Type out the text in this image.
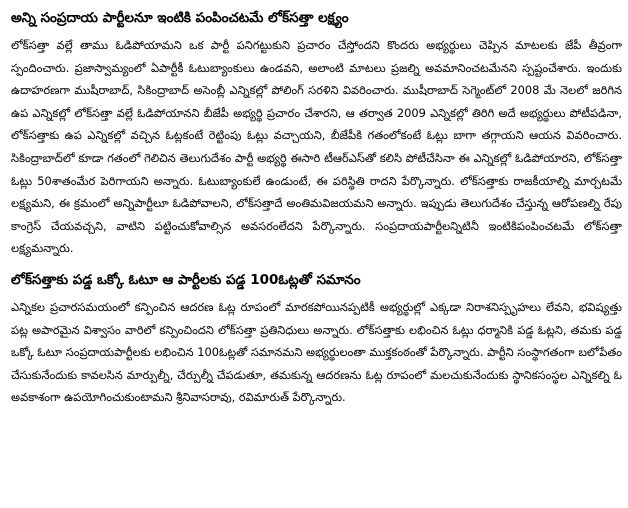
అన్ని సంప్రదాయ పార్టీలనూ ఇంటికి పంపించటమే లోక్‌సత్తా లక్ష్యం

లోక్‌సత్తా వల్లే తాము ఓడిపోయామని ఒక పార్టీ పనిగట్టుకుని ప్రచారం చేస్తోందని కొందరు అభ్యర్థులు చెప్పిన మాటలకు జేపీ తీవ్రంగా స్పందించారు. ప్రజాస్వామ్యంలో ఏపార్టీకీ ఓటుబ్యాంకులు ఉండవని, అలాంటి మాటలు ప్రజల్ని అవమానించటమేనని స్పష్టంచేశారు. ఇందుకు ఉదాహరణగా ముషీరాబాద్, సికింద్రాబాద్ అసెంబ్లీ ఎన్నికల్లో పోలింగ్ సరళిని వివరించారు. ముషీరాబాద్ సెగ్మెంట్‌లో 2008 మే నెలలో జరిగిన ఉప ఎన్నికల్లో లోక్‌సత్తా వల్లే ఓడిపోయానని బీజేపీ అభ్యర్థి ప్రచారం చేశారని, ఆ తర్వాత 2009 ఎన్నికల్లో తిరిగి అదే అభ్యర్థులు పోటీపడినా, లోక్‌సత్తాకు ఉప ఎన్నికల్లో వచ్చిన ఓట్లకంటే రెట్టింపు ఓట్లు వచ్చాయని, బీజేపీకి గతంలోకంటే ఓట్లు బాగా తగ్గాయని ఆయన వివరించారు. సికింద్రాబాద్‌లో కూడా గతంలో గెలిచిన తెలుగుదేశం పార్టీ అభ్యర్థి ఈసారి టీఆర్ఎస్‌తో కలిసి పోటీచేసినా ఈ ఎన్నికల్లో ఓడిపోయారని, లోక్‌సత్తా ఓట్లు 50శాతంమేర పెరిగాయని అన్నారు. ఓటుబ్యాంకులే ఉండుంటే, ఈ పరిస్థితి రాదని పేర్కొన్నారు. లోక్‌సత్తాకు రాజకీయాల్ని మార్చటమే లక్ష్యమని, ఈ క్రమంలో అన్నిపార్టీలూ ఓడిపోవాలని, లోక్‌సత్తాదే అంతిమవిజయమని అన్నారు. ఇప్పుడు తెలుగుదేశం చేస్తున్న ఆరోపణల్ని రేపు కాంగ్రెస్ చేయవచ్చని, వాటిని పట్టించుకోవాల్సిన అవసరంలేదని పేర్కొన్నారు. సంప్రదాయపార్టీలన్నిటినీ ఇంటికిపంపించటమే లోక్‌సత్తా లక్ష్యమన్నారు.

లోక్‌సత్తాకు పడ్డ ఒక్కో ఓటూ ఆ పార్టీలకు పడ్డ 100ఓట్లతో సమానం

ఎన్నికల ప్రచారసమయంలో కన్పించిన ఆదరణ ఓట్ల రూపంలో మారకపోయినప్పటికీ అభ్యర్థుల్లో ఎక్కడా నిరాశనిస్పృహలు లేవని, భవిష్యత్తు పట్ల అపారమైన విశ్వాసం వారిలో కన్పించిందని లోక్‌సత్తా ప్రతినిధులు అన్నారు. లోక్‌సత్తాకు లభించిన ఓట్లు ధర్మానికి పడ్డ ఓట్లని, తమకు పడ్డ ఒక్కో ఓటూ సంప్రదాయపార్టీలకు లభించిన 100ఓట్లతో సమానమని అభ్యర్థులంతా ముక్తకంఠంతో పేర్కొన్నారు. పార్టీని సంస్థాగతంగా బలోపేతం చేసుకునేందుకు కావలసిన మార్పుల్నీ, చేర్పుల్నీ చేపడుతూ, తమకున్న ఆదరణను ఓట్ల రూపంలో మలచుకునేందుకు స్థానికసంస్థల ఎన్నికల్ని ఓ అవకాశంగా ఉపయోగించుకుంటామని శ్రీనివాసరావు, రవిమారుత్ పేర్కొన్నారు.
